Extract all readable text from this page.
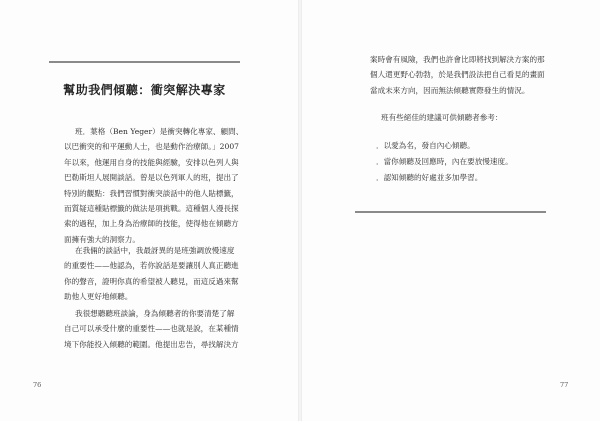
幫助我們傾聽：衝突解決專家

班．葉格（Ben Yeger）是衝突轉化專家、顧問、
以巴衝突的和平運動人士，也是動作治療師。」2007
年以來，他運用自身的技能與經驗，安排以色列人與
巴勒斯坦人展開談話。曾是以色列軍人的班，提出了
特別的觀點：我們習慣對衝突談話中的他人貼標籤，
而質疑這種貼標籤的做法是項挑戰。這種個人漫長探
索的過程，加上身為治療師的技能，使得他在傾聽方
面擁有強大的洞察力。

在我倆的談話中，我最訝異的是班強調放慢速度
的重要性——他認為，若你說話是要讓別人真正聽進
你的聲音，證明你真的希望被人聽見，而這反過來幫
助他人更好地傾聽。

我很想聽聽班談論，身為傾聽者的你要清楚了解
自己可以承受什麼的重要性——也就是說，在某種情
境下你能投入傾聽的範圍。他提出忠告，尋找解決方

76

案時會有風險，我們也許會比即將找到解決方案的那
個人還更野心勃勃，於是我們設法把自己看見的畫面
當成未來方向，因而無法傾聽實際發生的情況。

班有些絕佳的建議可供傾聽者參考：

．以愛為名，發自內心傾聽。
．當你傾聽及回應時，內在要放慢速度。
．認知傾聽的好處並多加學習。
77
